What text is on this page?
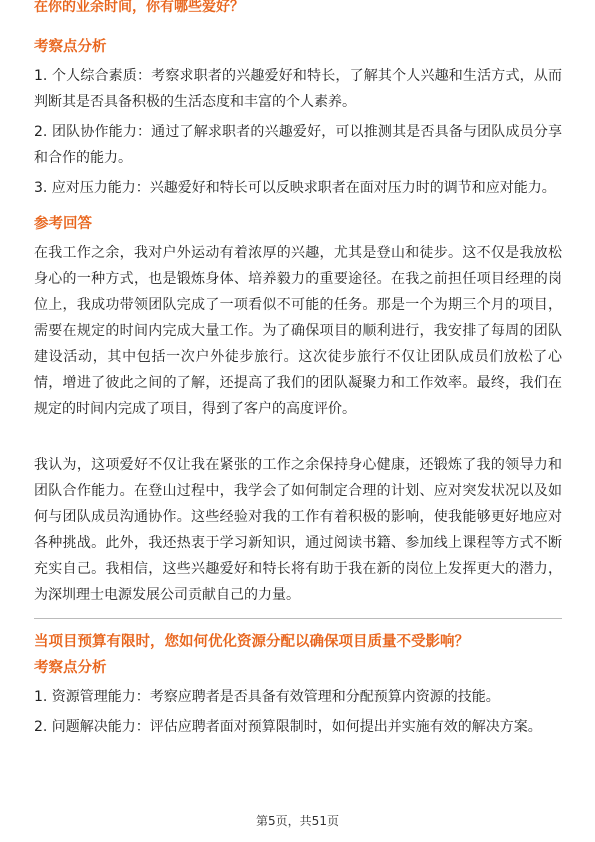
在你的业余时间，你有哪些爱好？
考察点分析

1. 个人综合素质：考察求职者的兴趣爱好和特长，了解其个人兴趣和生活方式，从而判断其是否具备积极的生活态度和丰富的个人素养。

2. 团队协作能力：通过了解求职者的兴趣爱好，可以推测其是否具备与团队成员分享和合作的能力。

3. 应对压力能力：兴趣爱好和特长可以反映求职者在面对压力时的调节和应对能力。

参考回答

在我工作之余，我对户外运动有着浓厚的兴趣，尤其是登山和徒步。这不仅是我放松身心的一种方式，也是锻炼身体、培养毅力的重要途径。在我之前担任项目经理的岗位上，我成功带领团队完成了一项看似不可能的任务。那是一个为期三个月的项目，需要在规定的时间内完成大量工作。为了确保项目的顺利进行，我安排了每周的团队建设活动，其中包括一次户外徒步旅行。这次徒步旅行不仅让团队成员们放松了心情，增进了彼此之间的了解，还提高了我们的团队凝聚力和工作效率。最终，我们在规定的时间内完成了项目，得到了客户的高度评价。

我认为，这项爱好不仅让我在紧张的工作之余保持身心健康，还锻炼了我的领导力和团队合作能力。在登山过程中，我学会了如何制定合理的计划、应对突发状况以及如何与团队成员沟通协作。这些经验对我的工作有着积极的影响，使我能够更好地应对各种挑战。此外，我还热衷于学习新知识，通过阅读书籍、参加线上课程等方式不断充实自己。我相信，这些兴趣爱好和特长将有助于我在新的岗位上发挥更大的潜力，为深圳理士电源发展公司贡献自己的力量。

当项目预算有限时，您如何优化资源分配以确保项目质量不受影响？
考察点分析

1. 资源管理能力：考察应聘者是否具备有效管理和分配预算内资源的技能。

2. 问题解决能力：评估应聘者面对预算限制时，如何提出并实施有效的解决方案。

第5页，共51页
